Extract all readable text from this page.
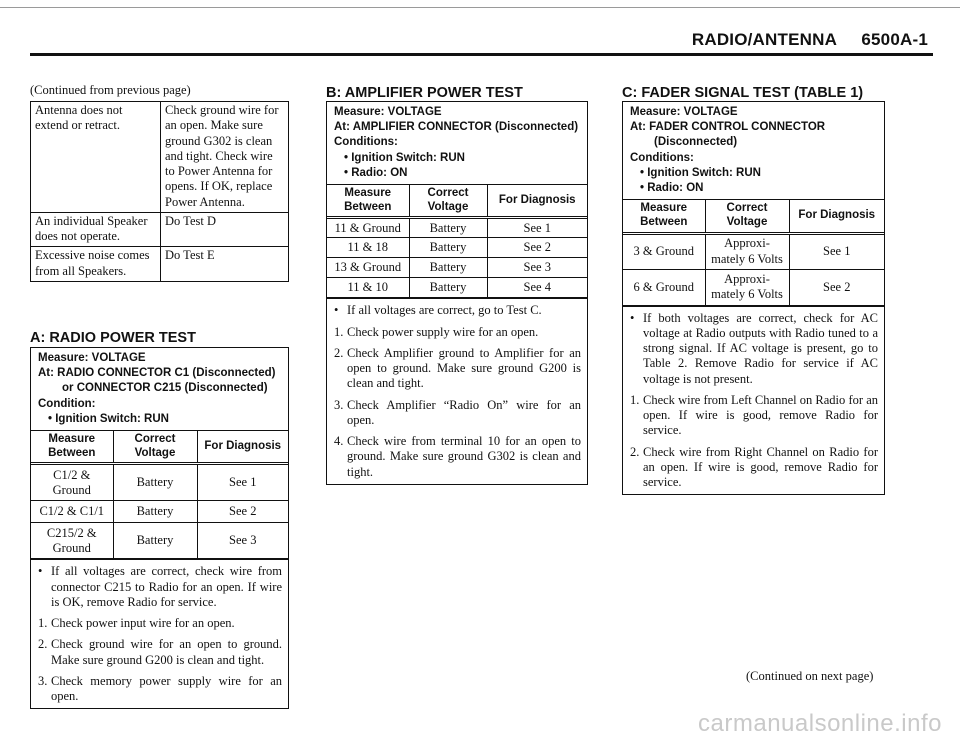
RADIO/ANTENNA 6500A-1
(Continued from previous page)
Antenna does not extend or retract.	Check ground wire for an open. Make sure ground G302 is clean and tight. Check wire to Power Antenna for opens. If OK, replace Power Antenna.
An individual Speaker does not operate.	Do Test D
Excessive noise comes from all Speakers.	Do Test E
A: RADIO POWER TEST
Measure: VOLTAGE
At: RADIO CONNECTOR C1 (Disconnected)
or CONNECTOR C215 (Disconnected)
Condition:
• Ignition Switch: RUN
Measure Between	Correct Voltage	For Diagnosis
C1/2 & Ground	Battery	See 1
C1/2 & C1/1	Battery	See 2
C215/2 & Ground	Battery	See 3
• If all voltages are correct, check wire from connector C215 to Radio for an open. If wire is OK, remove Radio for service.
1. Check power input wire for an open.
2. Check ground wire for an open to ground. Make sure ground G200 is clean and tight.
3. Check memory power supply wire for an open.
B: AMPLIFIER POWER TEST
Measure: VOLTAGE
At: AMPLIFIER CONNECTOR (Disconnected)
Conditions:
• Ignition Switch: RUN
• Radio: ON
Measure Between	Correct Voltage	For Diagnosis
11 & Ground	Battery	See 1
11 & 18	Battery	See 2
13 & Ground	Battery	See 3
11 & 10	Battery	See 4
• If all voltages are correct, go to Test C.
1. Check power supply wire for an open.
2. Check Amplifier ground to Amplifier for an open to ground. Make sure ground G200 is clean and tight.
3. Check Amplifier “Radio On” wire for an open.
4. Check wire from terminal 10 for an open to ground. Make sure ground G302 is clean and tight.
C: FADER SIGNAL TEST (TABLE 1)
Measure: VOLTAGE
At: FADER CONTROL CONNECTOR
(Disconnected)
Conditions:
• Ignition Switch: RUN
• Radio: ON
Measure Between	Correct Voltage	For Diagnosis
3 & Ground	Approxi-mately 6 Volts	See 1
6 & Ground	Approxi-mately 6 Volts	See 2
• If both voltages are correct, check for AC voltage at Radio outputs with Radio tuned to a strong signal. If AC voltage is present, go to Table 2. Remove Radio for service if AC voltage is not present.
1. Check wire from Left Channel on Radio for an open. If wire is good, remove Radio for service.
2. Check wire from Right Channel on Radio for an open. If wire is good, remove Radio for service.
(Continued on next page)
carmanualsonline.info
